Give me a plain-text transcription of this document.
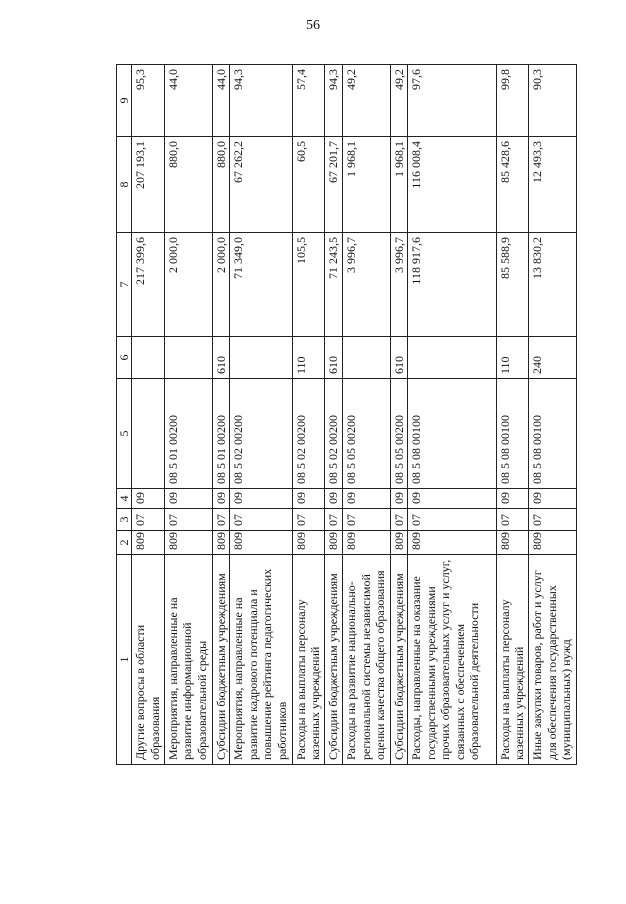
56
1	2	3	4	5	6	7	8	9
Другие вопросы в области образования	809	07	09			217 399,6	207 193,1	95,3
Мероприятия, направленные на развитие информационной образовательной среды	809	07	09	08 5 01 00200		2 000,0	880,0	44,0
Субсидии бюджетным учреждениям	809	07	09	08 5 01 00200	610	2 000,0	880,0	44,0
Мероприятия, направленные на развитие кадрового потенциала и повышение рейтинга педагогических работников	809	07	09	08 5 02 00200		71 349,0	67 262,2	94,3
Расходы на выплаты персоналу казенных учреждений	809	07	09	08 5 02 00200	110	105,5	60,5	57,4
Субсидии бюджетным учреждениям	809	07	09	08 5 02 00200	610	71 243,5	67 201,7	94,3
Расходы на развитие национально-региональной системы независимой оценки качества общего образования	809	07	09	08 5 05 00200		3 996,7	1 968,1	49,2
Субсидии бюджетным учреждениям	809	07	09	08 5 05 00200	610	3 996,7	1 968,1	49,2
Расходы, направленные на оказание государственными учреждениями прочих образовательных услуг и услуг, связанных с обеспечением образовательной деятельности	809	07	09	08 5 08 00100		118 917,6	116 008,4	97,6
Расходы на выплаты персоналу казенных учреждений	809	07	09	08 5 08 00100	110	85 588,9	85 428,6	99,8
Иные закупки товаров, работ и услуг для обеспечения государственных (муниципальных) нужд	809	07	09	08 5 08 00100	240	13 830,2	12 493,3	90,3
